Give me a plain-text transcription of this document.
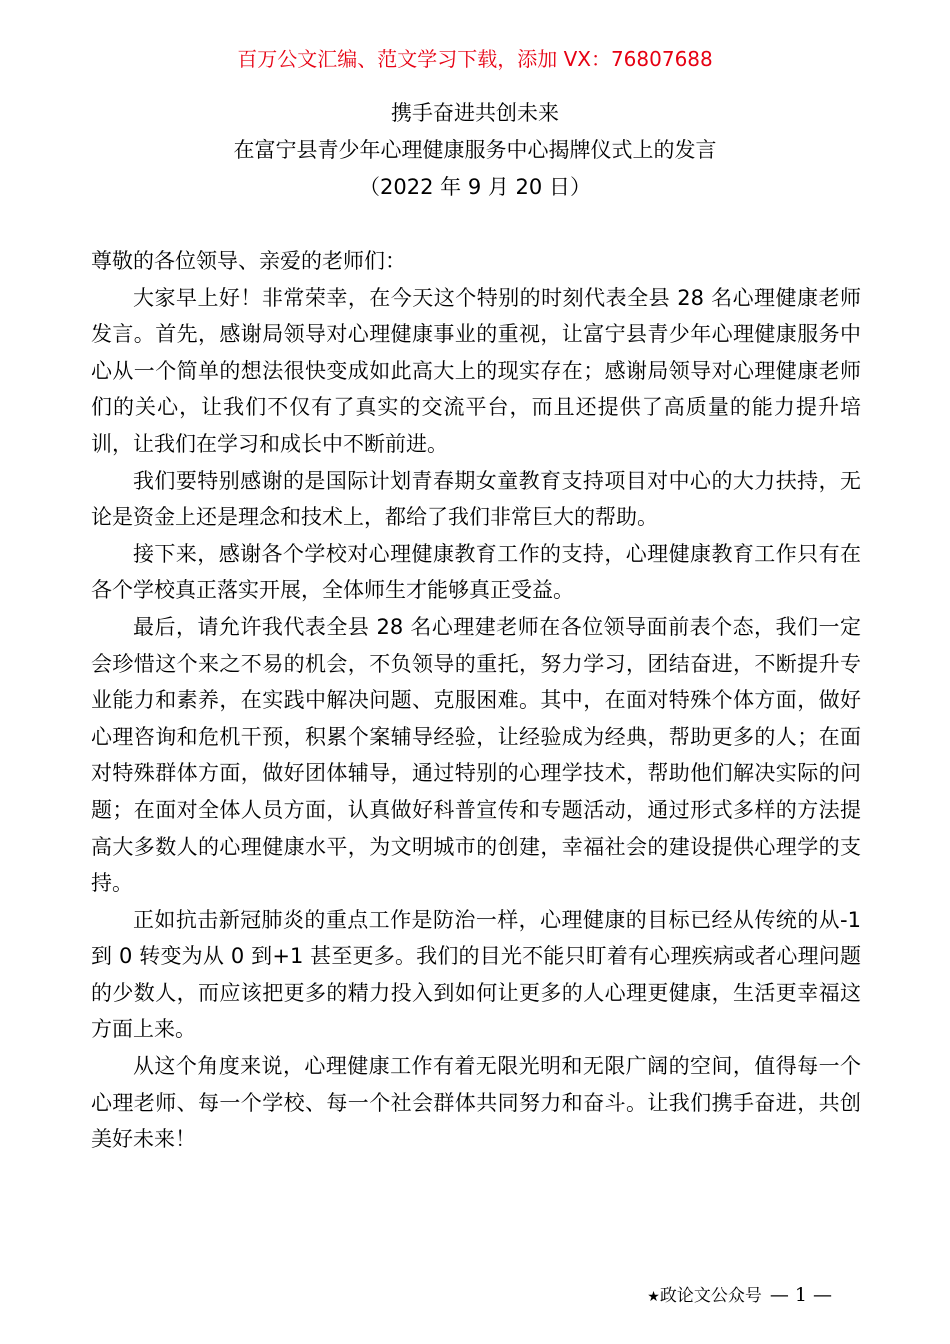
百万公文汇编、范文学习下载，添加 VX：76807688
携手奋进共创未来
在富宁县青少年心理健康服务中心揭牌仪式上的发言
（2022 年 9 月 20 日）

尊敬的各位领导、亲爱的老师们：

大家早上好！非常荣幸，在今天这个特别的时刻代表全县 28 名心理健康老师发言。首先，感谢局领导对心理健康事业的重视，让富宁县青少年心理健康服务中心从一个简单的想法很快变成如此高大上的现实存在；感谢局领导对心理健康老师们的关心，让我们不仅有了真实的交流平台，而且还提供了高质量的能力提升培训，让我们在学习和成长中不断前进。

我们要特别感谢的是国际计划青春期女童教育支持项目对中心的大力扶持，无论是资金上还是理念和技术上，都给了我们非常巨大的帮助。

接下来，感谢各个学校对心理健康教育工作的支持，心理健康教育工作只有在各个学校真正落实开展，全体师生才能够真正受益。

最后，请允许我代表全县 28 名心理建老师在各位领导面前表个态，我们一定会珍惜这个来之不易的机会，不负领导的重托，努力学习，团结奋进，不断提升专业能力和素养，在实践中解决问题、克服困难。其中，在面对特殊个体方面，做好心理咨询和危机干预，积累个案辅导经验，让经验成为经典，帮助更多的人；在面对特殊群体方面，做好团体辅导，通过特别的心理学技术，帮助他们解决实际的问题；在面对全体人员方面，认真做好科普宣传和专题活动，通过形式多样的方法提高大多数人的心理健康水平，为文明城市的创建，幸福社会的建设提供心理学的支持。

正如抗击新冠肺炎的重点工作是防治一样，心理健康的目标已经从传统的从-1 到 0 转变为从 0 到+1 甚至更多。我们的目光不能只盯着有心理疾病或者心理问题的少数人，而应该把更多的精力投入到如何让更多的人心理更健康，生活更幸福这方面上来。

从这个角度来说，心理健康工作有着无限光明和无限广阔的空间，值得每一个心理老师、每一个学校、每一个社会群体共同努力和奋斗。让我们携手奋进，共创美好未来！

★政论文公众号 — 1 —
